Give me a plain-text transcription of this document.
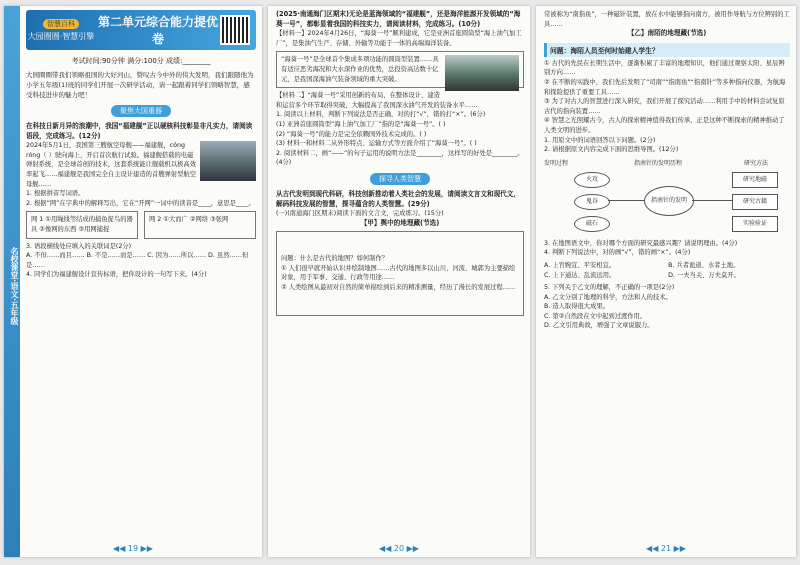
名校课堂·语文·五年级
智慧百科
大园圈圈·智慧引擎
第二单元综合能力提优卷
考试时间:90分钟 满分:100分 成绩:________

大园圈圈带我们领略祖国的大好河山，赞叹古今中外的伟大发明，我们跟随他为小学五年级(1)班的同学们开展一次研学活动，请一起跟着同学们领略智慧，感受科技进步的魅力吧！

聚焦大国重器

在科技日新月异的浪潮中，我国“福建舰”正以硬核科技彰显非凡实力，请阅读语段，完成练习。(12分)

2024年5月1日，我国第三艘航空母舰——福建舰，cóng róng（ ）驶向海上，开启首次航行试验。福建舰搭载的电磁弹射系统，是全球首创的技术，这套系统能让舰载机以极高效率起飞……福建舰是我国完全自主设计建造的首艘弹射型航空母舰……

1. 根据拼音写词语。

2. 根据“网”在字典中的解释写出，它在“开网”一词中的读音是____，意思是____。

网 1 ①用绳线等结成的捕鱼捉鸟的器具 ②像网的东西 ③用网捕捉

网 2 ①大而广 ②网络 ③张网

3. 语段横线处应填入的关联词是(2分)

A. 不但……而且…… B. 不是……而是…… C. 因为……所以…… D. 虽然……但是……

4. 同学们为福建舰设计宣传标语，把你设计的一句写下来。(4分)

◀◀ 19 ▶▶

(2025·南通海门区期末)无论是蓝海领域的“福建舰”，还是海洋能源开发领域的“海葵一号”，都彰显着我国的科技实力，请阅读材料，完成练习。(10分)

【材料一】2024年4月26日，“海葵一号”顺利建成，它是亚洲首座圆筒型“海上油气加工厂”，是集油气生产、存储、外输等功能于一体的高端海洋装备。

“海葵一号”是全球首个集成多项功能的圆筒型装置……具有适应恶劣海况和大水深作业的优势，总投资高达数十亿元，是我国深海油气装备领域的重大突破。

【材料二】“海葵一号”采用创新的布局，在整体设计、建造和运营多个环节取得突破，大幅提高了我国深水油气开发的装备水平……

1. 阅读以上材料，判断下列说法是否正确，对的打“√”，错的打“×”。(6分)

(1) 亚洲首座圆筒型“海上油气加工厂”指的是“海葵一号”。( )

(2) “海葵一号”的能力是完全依赖国外技术完成的。( )

(3) 材料一和材料二从外形特点、运输方式等方面介绍了“海葵一号”。( )

2. 阅读材料二，画“——”的句子运用的说明方法是________，这样写的好处是________。(4分)

探寻人类智慧

从古代发明到现代科研，科技创新推动着人类社会的发展，请阅读文言文和现代文，解码科技发展的智慧，探寻蕴含的人类智慧。(29分)

(一)(南通海门区期末)阅读下面的文言文，完成练习。(15分)

【甲】舆中的地理藏(节选)

问题：什么是古代的地图？如何制作？
① 人们很早就开始认识并绘制地图……古代的地图多以山川、河流、城郭为主要描绘对象，用于军事、交通、行政等用途……
② 人类绘图从最初对自然的简单描绘到后来的精准测量，经历了漫长的发展过程……

◀◀ 20 ▶▶

常被称为“南指鱼”，一种磁针装置，放在水中能够指向南方，被用作导航与方位辨别的工具……

【乙】南陌的地理藏(节选)

问题：海陌人员至何时始建人学生？

① 古代的先民在长期生活中，逐渐积累了丰富的地理知识，他们通过观察太阳、星辰辨别方向……

② 在不断的实践中，我们先后发明了“司南”“指南鱼”“指南针”等多种指向仪器，为航海和探险提供了重要工具……

③ 为了对古人的智慧进行深入研究，我们开展了探究活动……利用手中的材料尝试复原古代的指向装置……

④ 智慧之光照耀古今，古人的探索精神值得我们传承，正是这种不断探索的精神推动了人类文明的进步。

1. 用原文中的词语回答以下问题。(2分)

2. 请根据原文内容完成下面的思维导图。(12分)

发明过程	指南针的发明历程	研究方法
火攻
鬼谷
磁石
指南针的发明
研究地磁
研究古籍
实验验证

3. 在地图语文中，你对哪个方面的研究最感兴趣？请说明理由。(4分)

4. 判断下列说法中，对的画“√”，错的画“×”。(4分)

A. 上官婉宜、平安相宜。	B. 兵者诡道、水者土地。

C. 上下通达、乱流远用。	D. 一夫当关、万夫莫开。

5. 下列关于乙文的理解，不正确的一项是(2分)

A. 乙文分别了地理的科学，方法和人的技术。

B. 造人取得很大成果。

C. 第②自然段在文中起到过渡作用。

D. 乙文引用典故，增强了文章说服力。

◀◀ 21 ▶▶
